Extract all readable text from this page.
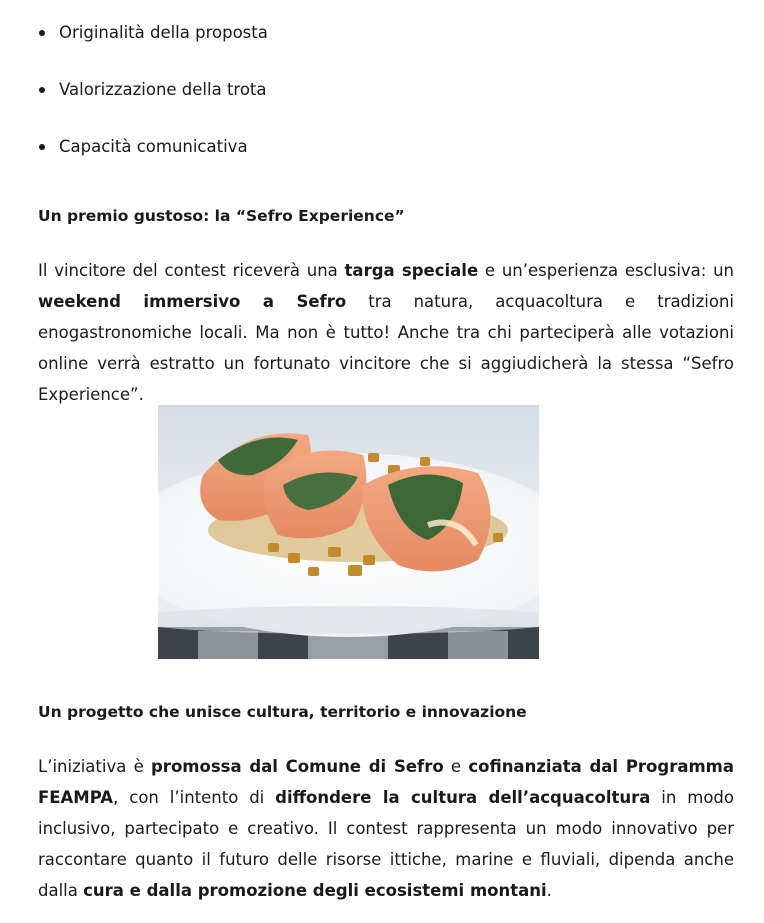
Originalità della proposta
Valorizzazione della trota
Capacità comunicativa
Un premio gustoso: la “Sefro Experience”

Il vincitore del contest riceverà una targa speciale e un’esperienza esclusiva: un weekend immersivo a Sefro tra natura, acquacoltura e tradizioni enogastronomiche locali. Ma non è tutto! Anche tra chi parteciperà alle votazioni online verrà estratto un fortunato vincitore che si aggiudicherà la stessa “Sefro Experience”.

Un progetto che unisce cultura, territorio e innovazione

L’iniziativa è promossa dal Comune di Sefro e cofinanziata dal Programma FEAMPA, con l’intento di diffondere la cultura dell’acquacoltura in modo inclusivo, partecipato e creativo. Il contest rappresenta un modo innovativo per raccontare quanto il futuro delle risorse ittiche, marine e fluviali, dipenda anche dalla cura e dalla promozione degli ecosistemi montani.
